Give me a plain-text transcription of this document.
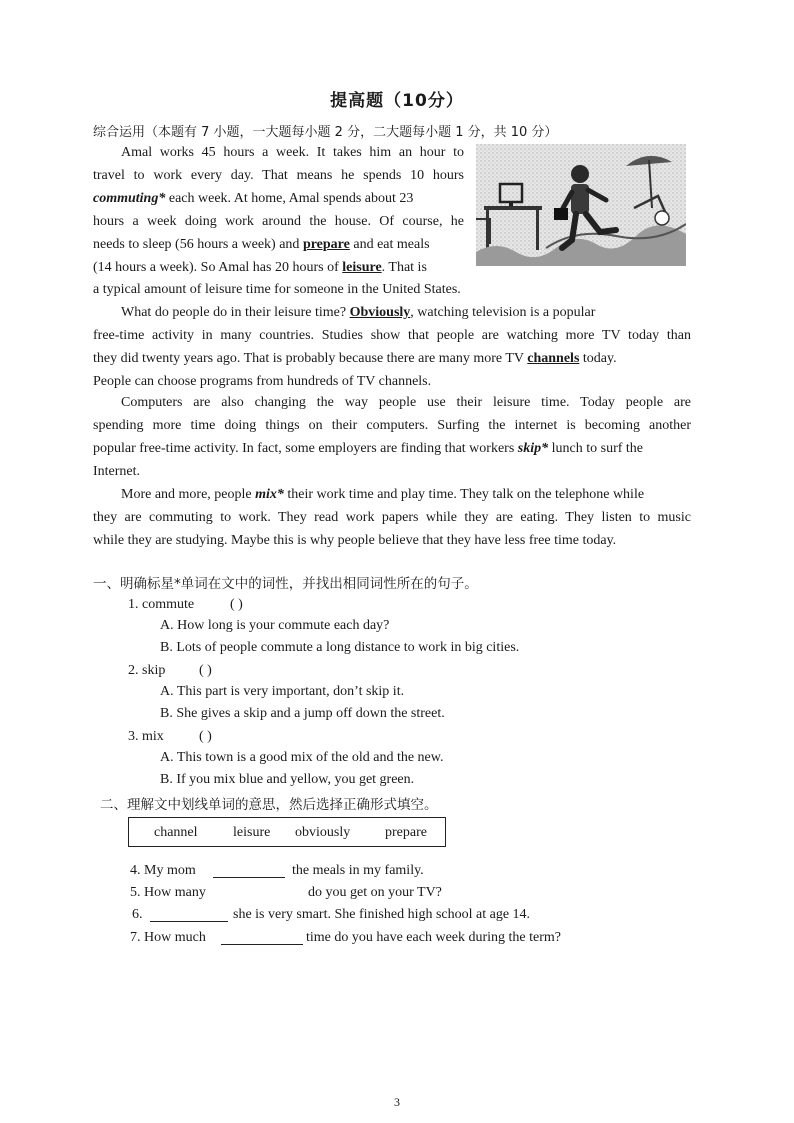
提高题（10分）
综合运用（本题有 7 小题，一大题每小题 2 分，二大题每小题 1 分，共 10 分）
Amal works 45 hours a week. It takes him an hour to
travel to work every day. That means he spends 10 hours
commuting* each week. At home, Amal spends about 23
hours a week doing work around the house. Of course, he
needs to sleep (56 hours a week) and prepare and eat meals
(14 hours a week). So Amal has 20 hours of leisure. That is
a typical amount of leisure time for someone in the United States.
What do people do in their leisure time? Obviously, watching television is a popular
free-time activity in many countries. Studies show that people are watching more TV today than
they did twenty years ago. That is probably because there are many more TV channels today.
People can choose programs from hundreds of TV channels.
Computers are also changing the way people use their leisure time. Today people are
spending more time doing things on their computers. Surfing the internet is becoming another
popular free-time activity. In fact, some employers are finding that workers skip* lunch to surf the
Internet.
More and more, people mix* their work time and play time. They talk on the telephone while
they are commuting to work. They read work papers while they are eating. They listen to music
while they are studying. Maybe this is why people believe that they have less free time today.
一、明确标星*单词在文中的词性，并找出相同词性所在的句子。
1. commute	( )
A. How long is your commute each day?
B. Lots of people commute a long distance to work in big cities.
2. skip ( )
A. This part is very important, don’t skip it.
B. She gives a skip and a jump off down the street.
3. mix	( )
A. This town is a good mix of the old and the new.
B. If you mix blue and yellow, you get green.
二、理解文中划线单词的意思，然后选择正确形式填空。
channel	leisure obviously prepare
4. My mom	the meals in my family.
5. How many	do you get on your TV?
6.	she is very smart. She finished high school at age 14.
7. How much	time do you have each week during the term?
3
